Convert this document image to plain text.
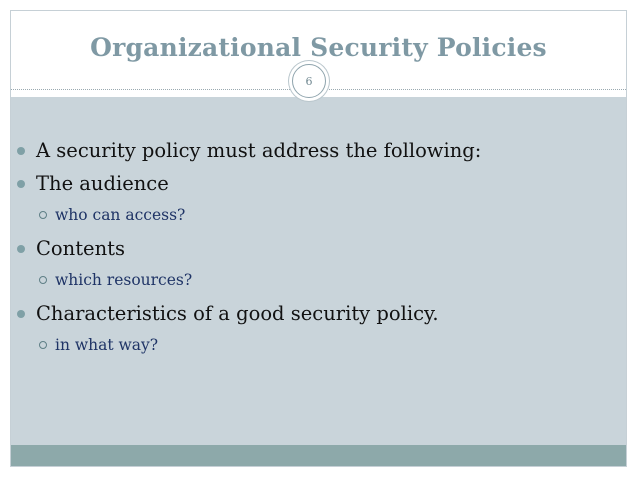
Organizational Security Policies
6
A security policy must address the following:
The audience
who can access?
Contents
which resources?
Characteristics of a good security policy.
in what way?
